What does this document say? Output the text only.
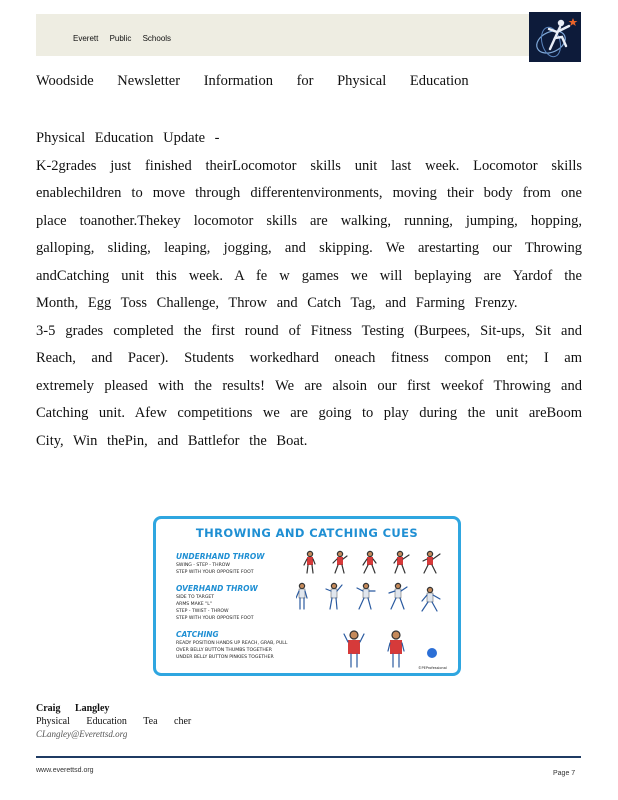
Everett Public Schools
Woodside Newsletter Information for Physical Education

Physical Education Update -

K-2grades just finished theirLocomotor skills unit last week. Locomotor skills enablechildren to move through differentenvironments, moving their body from one place toanother.Thekey locomotor skills are walking, running, jumping, hopping, galloping, sliding, leaping, jogging, and skipping. We arestarting our Throwing andCatching unit this week. A fe w games we will beplaying are Yardof the Month, Egg Toss Challenge, Throw and Catch Tag, and Farming Frenzy.

3-5 grades completed the first round of Fitness Testing (Burpees, Sit-ups, Sit and Reach, and Pacer). Students workedhard oneach fitness compon ent; I am extremely pleased with the results! We are alsoin our first weekof Throwing and Catching unit. Afew competitions we are going to play during the unit areBoom City, Win thePin, and Battlefor the Boat.

THROWING AND CATCHING CUES
UNDERHAND THROW
SWING - STEP - THROW
STEP WITH YOUR OPPOSITE FOOT
OVERHAND THROW
SIDE TO TARGET
ARMS MAKE "L"
STEP - TWIST - THROW
STEP WITH YOUR OPPOSITE FOOT
CATCHING
READY POSITION HANDS UP REACH, GRAB, PULL
OVER BELLY BUTTON THUMBS TOGETHER
UNDER BELLY BUTTON PINKIES TOGETHER
©PEProfessional
Craig Langley
Physical Education Tea cher
CLangley@Everettsd.org
www.everettsd.org	Page 7
